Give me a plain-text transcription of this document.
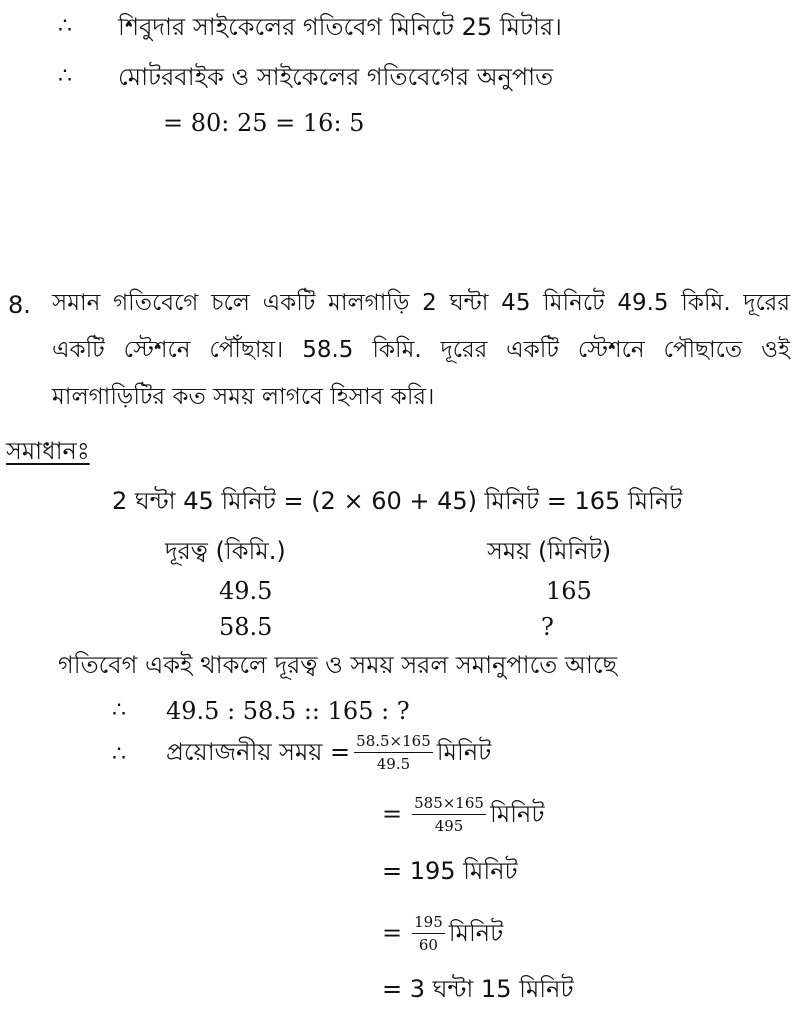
∴ শিবুদার সাইকেলের গতিবেগ মিনিটে 25 মিটার।
∴ মোটরবাইক ও সাইকেলের গতিবেগের অনুপাত
= 80: 25 = 16: 5
8. সমান গতিবেগে চলে একটি মালগাড়ি 2 ঘন্টা 45 মিনিটে 49.5 কিমি. দূরের একটি স্টেশনে পৌঁছায়। 58.5 কিমি. দূরের একটি স্টেশনে পৌছাতে ওই মালগাড়িটির কত সময় লাগবে হিসাব করি।
সমাধানঃ
2 ঘন্টা 45 মিনিট = (2 × 60 + 45) মিনিট = 165 মিনিট
দূরত্ব (কিমি.)	সময় (মিনিট)
49.5	165
58.5	?
গতিবেগ একই থাকলে দূরত্ব ও সময় সরল সমানুপাতে আছে
∴ 49.5 : 58.5 :: 165 : ?
∴ প্রয়োজনীয় সময় = $\frac{58.5\times 165}{49.5}$ মিনিট
= $\frac{585\times 165}{495}$ মিনিট
= 195 মিনিট
= $\frac{195}{60}$ মিনিট
= 3 ঘন্টা 15 মিনিট
